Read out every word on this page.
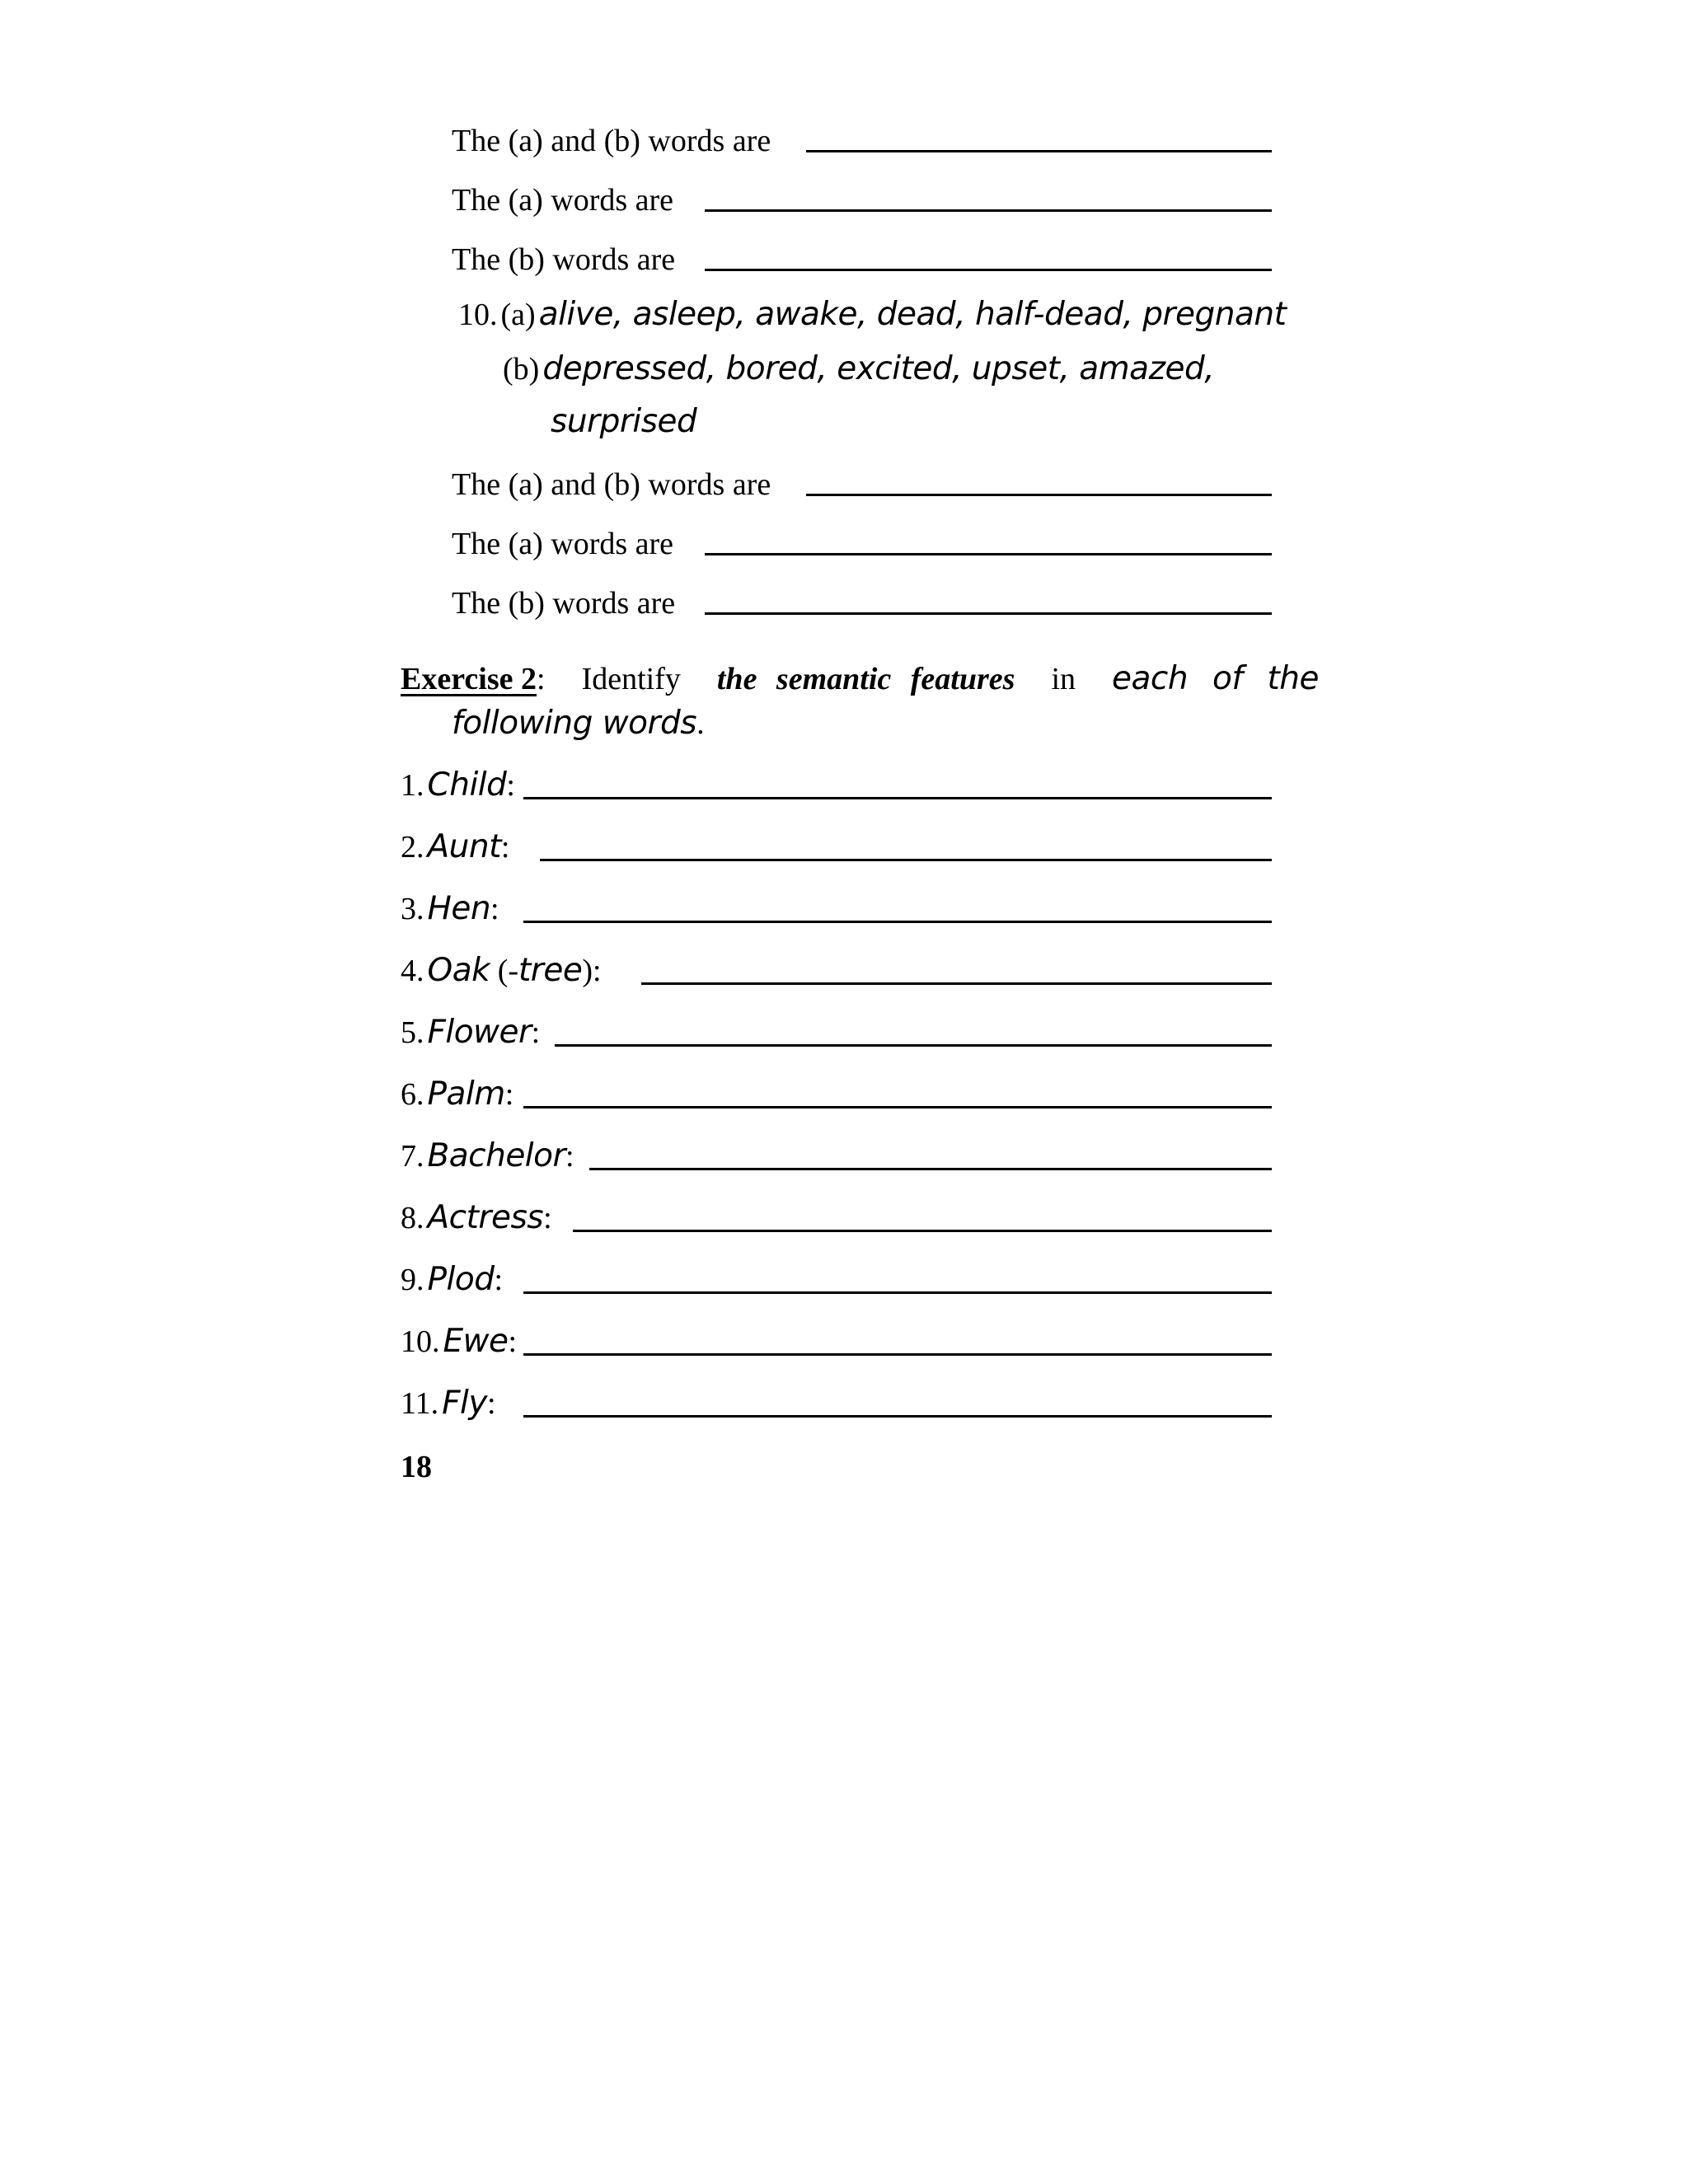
The (a) and (b) words are
The (a) words are
The (b) words are
10. (a) alive, asleep, awake, dead, half-dead, pregnant
(b) depressed, bored, excited, upset, amazed,
surprised
The (a) and (b) words are
The (a) words are
The (b) words are
Exercise 2: Identify the semantic features in each of the
following words.
1. Child:
2. Aunt:
3. Hen:
4. Oak (-tree):
5. Flower:
6. Palm:
7. Bachelor:
8. Actress:
9. Plod:
10. Ewe:
11. Fly:
18
